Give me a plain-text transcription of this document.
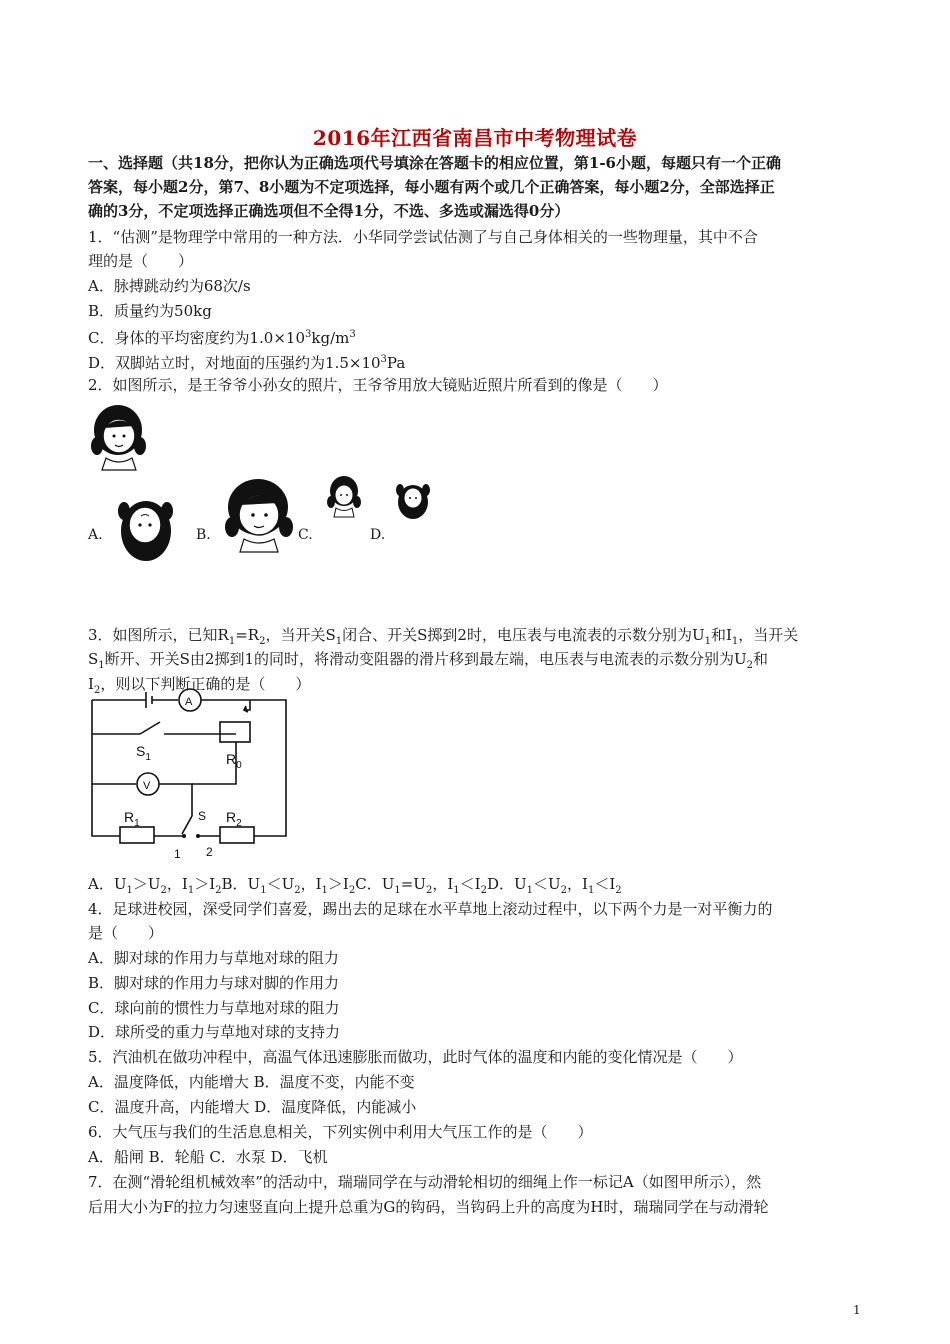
2016年江西省南昌市中考物理试卷
一、选择题（共18分，把你认为正确选项代号填涂在答题卡的相应位置，第1-6小题，每题只有一个正确
答案，每小题2分，第7、8小题为不定项选择，每小题有两个或几个正确答案，每小题2分，全部选择正
确的3分，不定项选择正确选项但不全得1分，不选、多选或漏选得0分）
1．“估测”是物理学中常用的一种方法．小华同学尝试估测了与自己身体相关的一些物理量，其中不合
理的是（　　）
A．脉搏跳动约为68次/s
B．质量约为50kg
C．身体的平均密度约为$1.0\times 10^3kg/m^3$
D．双脚站立时，对地面的压强约为$1.5\times 10^3Pa$
2．如图所示，是王爷爷小孙女的照片，王爷爷用放大镜贴近照片所看到的像是（　　）
A.	B.	C.	D.
3．如图所示，已知$R_1=R_2$，当开关$S_1$闭合、开关S掷到2时，电压表与电流表的示数分别为$U_1$和$I_1$，当开关
$S_1$断开、开关S由2掷到1的同时，将滑动变阻器的滑片移到最左端，电压表与电流表的示数分别为$U_2$和
$I_2$，则以下判断正确的是（　　）
A
V
$S_1$	$R_0$
$R_1$	$R_2$
S
1 2
A．$U_1>U_2$，$I_1>I_2B$．$U_1<U_2$，$I_1>I_2C$．$U_1=U_2$，$I_1<I_2D$．$U_1<U_2$，$I_1<I_2$
4．足球进校园，深受同学们喜爱，踢出去的足球在水平草地上滚动过程中，以下两个力是一对平衡力的
是（　　）
A．脚对球的作用力与草地对球的阻力
B．脚对球的作用力与球对脚的作用力
C．球向前的惯性力与草地对球的阻力
D．球所受的重力与草地对球的支持力
5．汽油机在做功冲程中，高温气体迅速膨胀而做功，此时气体的温度和内能的变化情况是（　　）
A．温度降低，内能增大 B．温度不变，内能不变
C．温度升高，内能增大 D．温度降低，内能减小
6．大气压与我们的生活息息相关，下列实例中利用大气压工作的是（　　）
A．船闸 B．轮船 C．水泵 D．飞机
7．在测“滑轮组机械效率”的活动中，瑞瑞同学在与动滑轮相切的细绳上作一标记A（如图甲所示），然
后用大小为F的拉力匀速竖直向上提升总重为G的钩码，当钩码上升的高度为H时，瑞瑞同学在与动滑轮
1
